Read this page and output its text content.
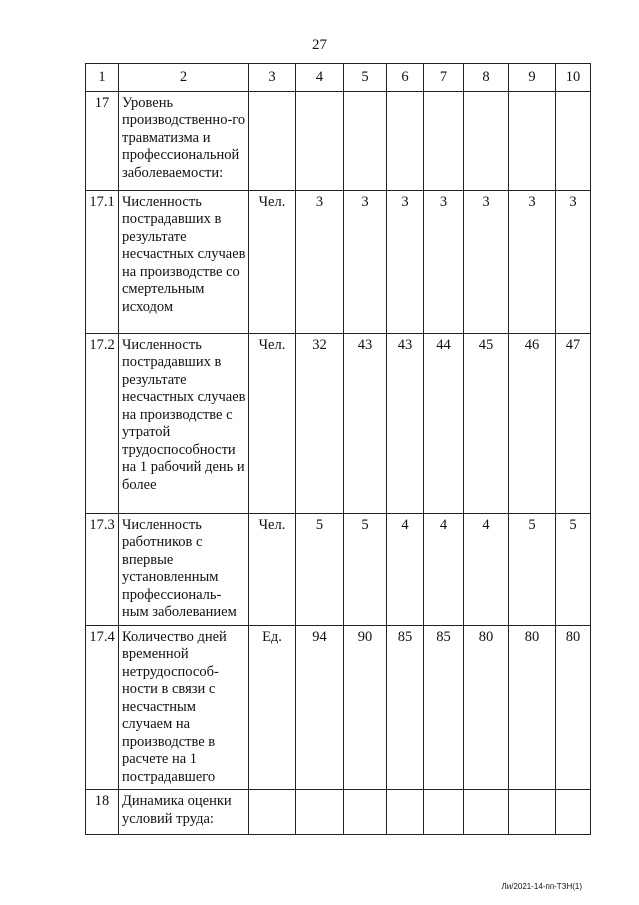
27
1	2	3	4	5	6	7	8	9	10
17	Уровень производственно-го травматизма и профессиональной заболеваемости:								
17.1	Численность пострадавших в результате несчастных случаев на производстве со смертельным исходом	Чел.	3	3	3	3	3	3	3
17.2	Численность пострадавших в результате несчастных случаев на производстве с утратой трудоспособности на 1 рабочий день и более	Чел.	32	43	43	44	45	46	47
17.3	Численность работников с впервые установленным профессиональ-ным заболеванием	Чел.	5	5	4	4	4	5	5
17.4	Количество дней временной нетрудоспособ-ности в связи с несчастным случаем на производстве в расчете на 1 пострадавшего	Ед.	94	90	85	85	80	80	80
18	Динамика оценки условий труда:								
Ли/2021-14-пп-ТЗН(1)
